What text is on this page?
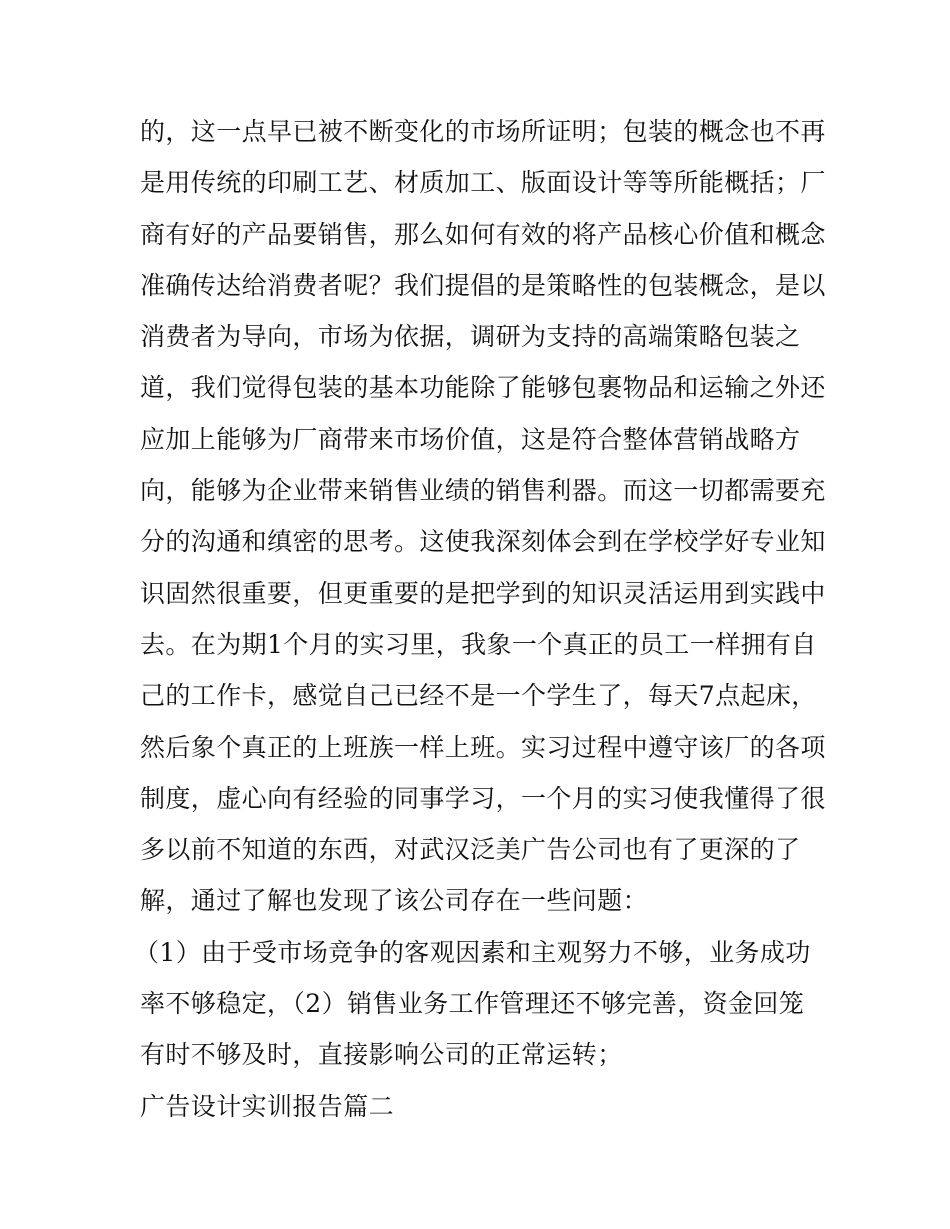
的，这一点早已被不断变化的市场所证明；包装的概念也不再
是用传统的印刷工艺、材质加工、版面设计等等所能概括；厂
商有好的产品要销售，那么如何有效的将产品核心价值和概念
准确传达给消费者呢？我们提倡的是策略性的包装概念，是以
消费者为导向，市场为依据，调研为支持的高端策略包装之
道，我们觉得包装的基本功能除了能够包裹物品和运输之外还
应加上能够为厂商带来市场价值，这是符合整体营销战略方
向，能够为企业带来销售业绩的销售利器。而这一切都需要充
分的沟通和缜密的思考。这使我深刻体会到在学校学好专业知
识固然很重要，但更重要的是把学到的知识灵活运用到实践中
去。在为期1个月的实习里，我象一个真正的员工一样拥有自
己的工作卡，感觉自己已经不是一个学生了，每天7点起床，
然后象个真正的上班族一样上班。实习过程中遵守该厂的各项
制度，虚心向有经验的同事学习，一个月的实习使我懂得了很
多以前不知道的东西，对武汉泛美广告公司也有了更深的了
解，通过了解也发现了该公司存在一些问题：
（1）由于受市场竞争的客观因素和主观努力不够，业务成功
率不够稳定，（2）销售业务工作管理还不够完善，资金回笼
有时不够及时，直接影响公司的正常运转；
广告设计实训报告篇二
